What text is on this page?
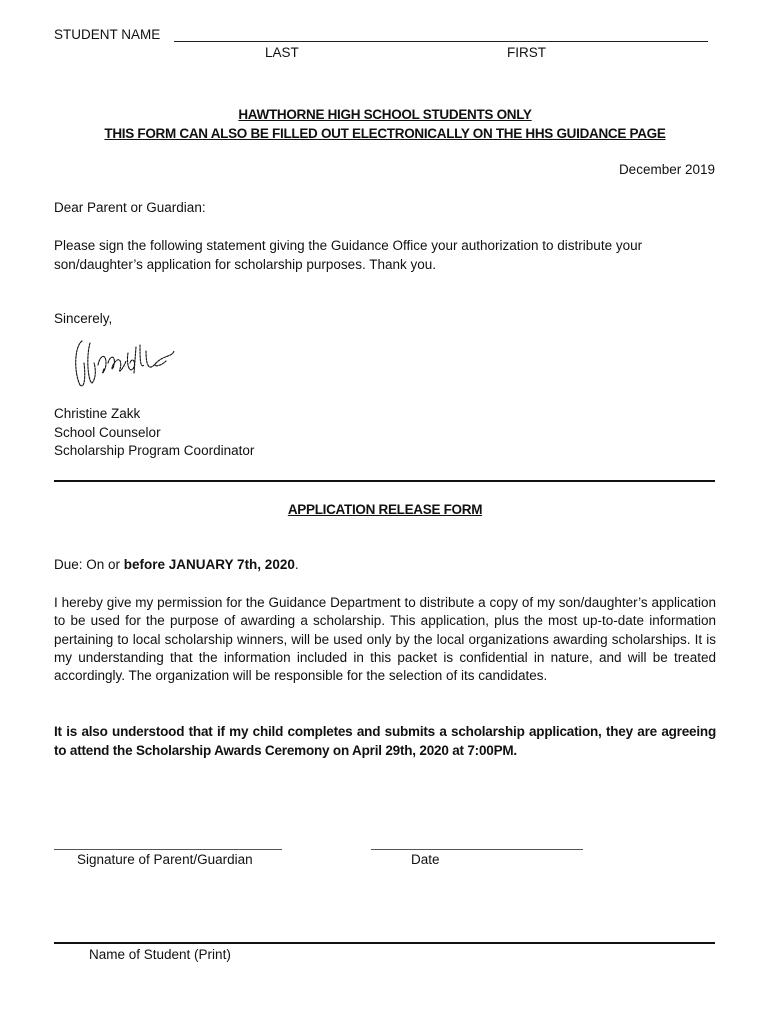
STUDENT NAME
LAST	FIRST
HAWTHORNE HIGH SCHOOL STUDENTS ONLY
THIS FORM CAN ALSO BE FILLED OUT ELECTRONICALLY ON THE HHS GUIDANCE PAGE
December 2019
Dear Parent or Guardian:

Please sign the following statement giving the Guidance Office your authorization to distribute your son/daughter’s application for scholarship purposes. Thank you.

Sincerely,
Christine Zakk
School Counselor
Scholarship Program Coordinator
APPLICATION RELEASE FORM
Due: On or before JANUARY 7th, 2020.

I hereby give my permission for the Guidance Department to distribute a copy of my son/daughter’s application to be used for the purpose of awarding a scholarship. This application, plus the most up-to-date information pertaining to local scholarship winners, will be used only by the local organizations awarding scholarships. It is my understanding that the information included in this packet is confidential in nature, and will be treated accordingly. The organization will be responsible for the selection of its candidates.

It is also understood that if my child completes and submits a scholarship application, they are agreeing to attend the Scholarship Awards Ceremony on April 29th, 2020 at 7:00PM.

Signature of Parent/Guardian	Date
Name of Student (Print)
